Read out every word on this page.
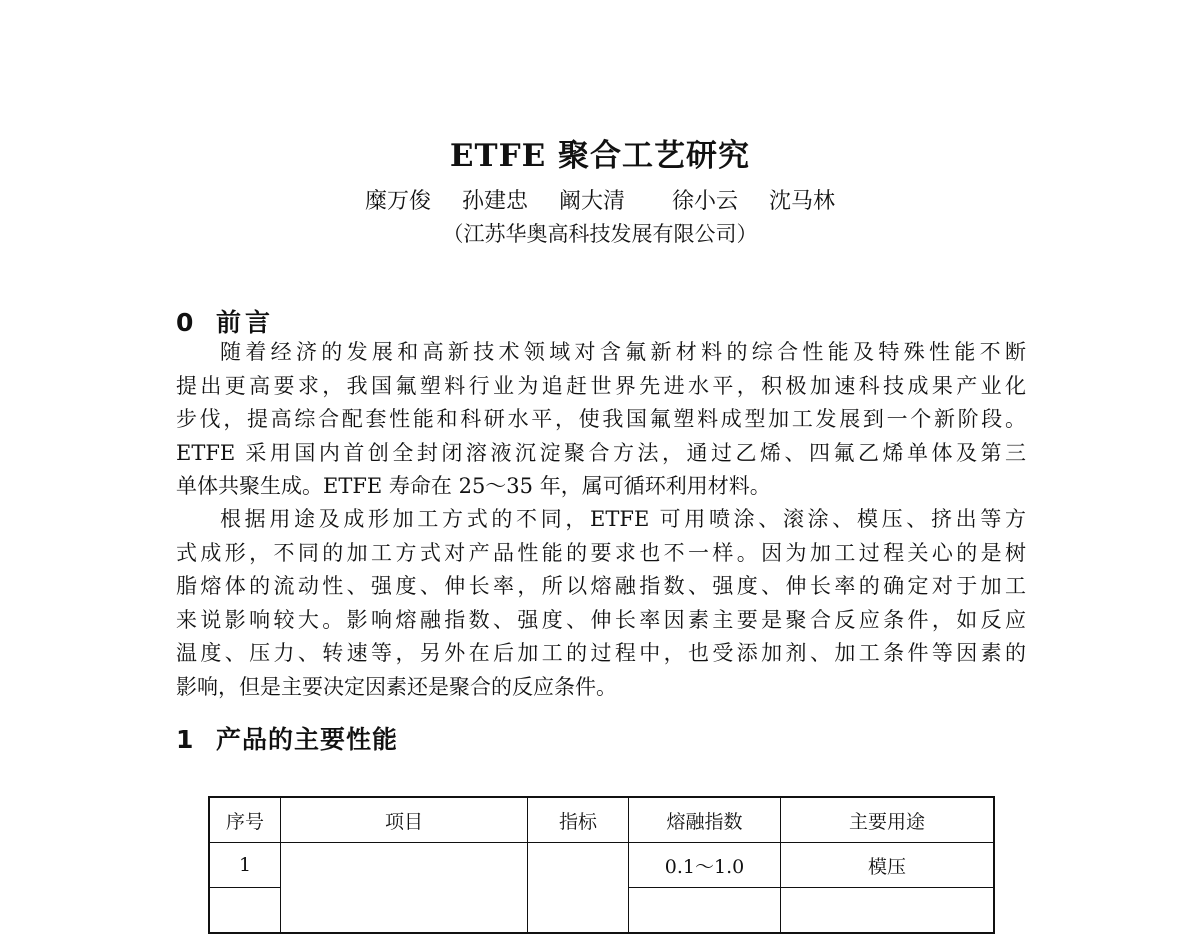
ETFE 聚合工艺研究
糜万俊 孙建忠 阚大清 徐小云 沈马林
（江苏华奥高科技发展有限公司）
0 前言
随着经济的发展和高新技术领域对含氟新材料的综合性能及特殊性能不断
提出更高要求，我国氟塑料行业为追赶世界先进水平，积极加速科技成果产业化
步伐，提高综合配套性能和科研水平，使我国氟塑料成型加工发展到一个新阶段。
ETFE 采用国内首创全封闭溶液沉淀聚合方法，通过乙烯、四氟乙烯单体及第三
单体共聚生成。ETFE 寿命在 25～35 年，属可循环利用材料。
根据用途及成形加工方式的不同，ETFE 可用喷涂、滚涂、模压、挤出等方
式成形，不同的加工方式对产品性能的要求也不一样。因为加工过程关心的是树
脂熔体的流动性、强度、伸长率，所以熔融指数、强度、伸长率的确定对于加工
来说影响较大。影响熔融指数、强度、伸长率因素主要是聚合反应条件，如反应
温度、压力、转速等，另外在后加工的过程中，也受添加剂、加工条件等因素的
影响，但是主要决定因素还是聚合的反应条件。
1 产品的主要性能
序号	项目	指标	熔融指数	主要用途
1			0.1～1.0	模压
